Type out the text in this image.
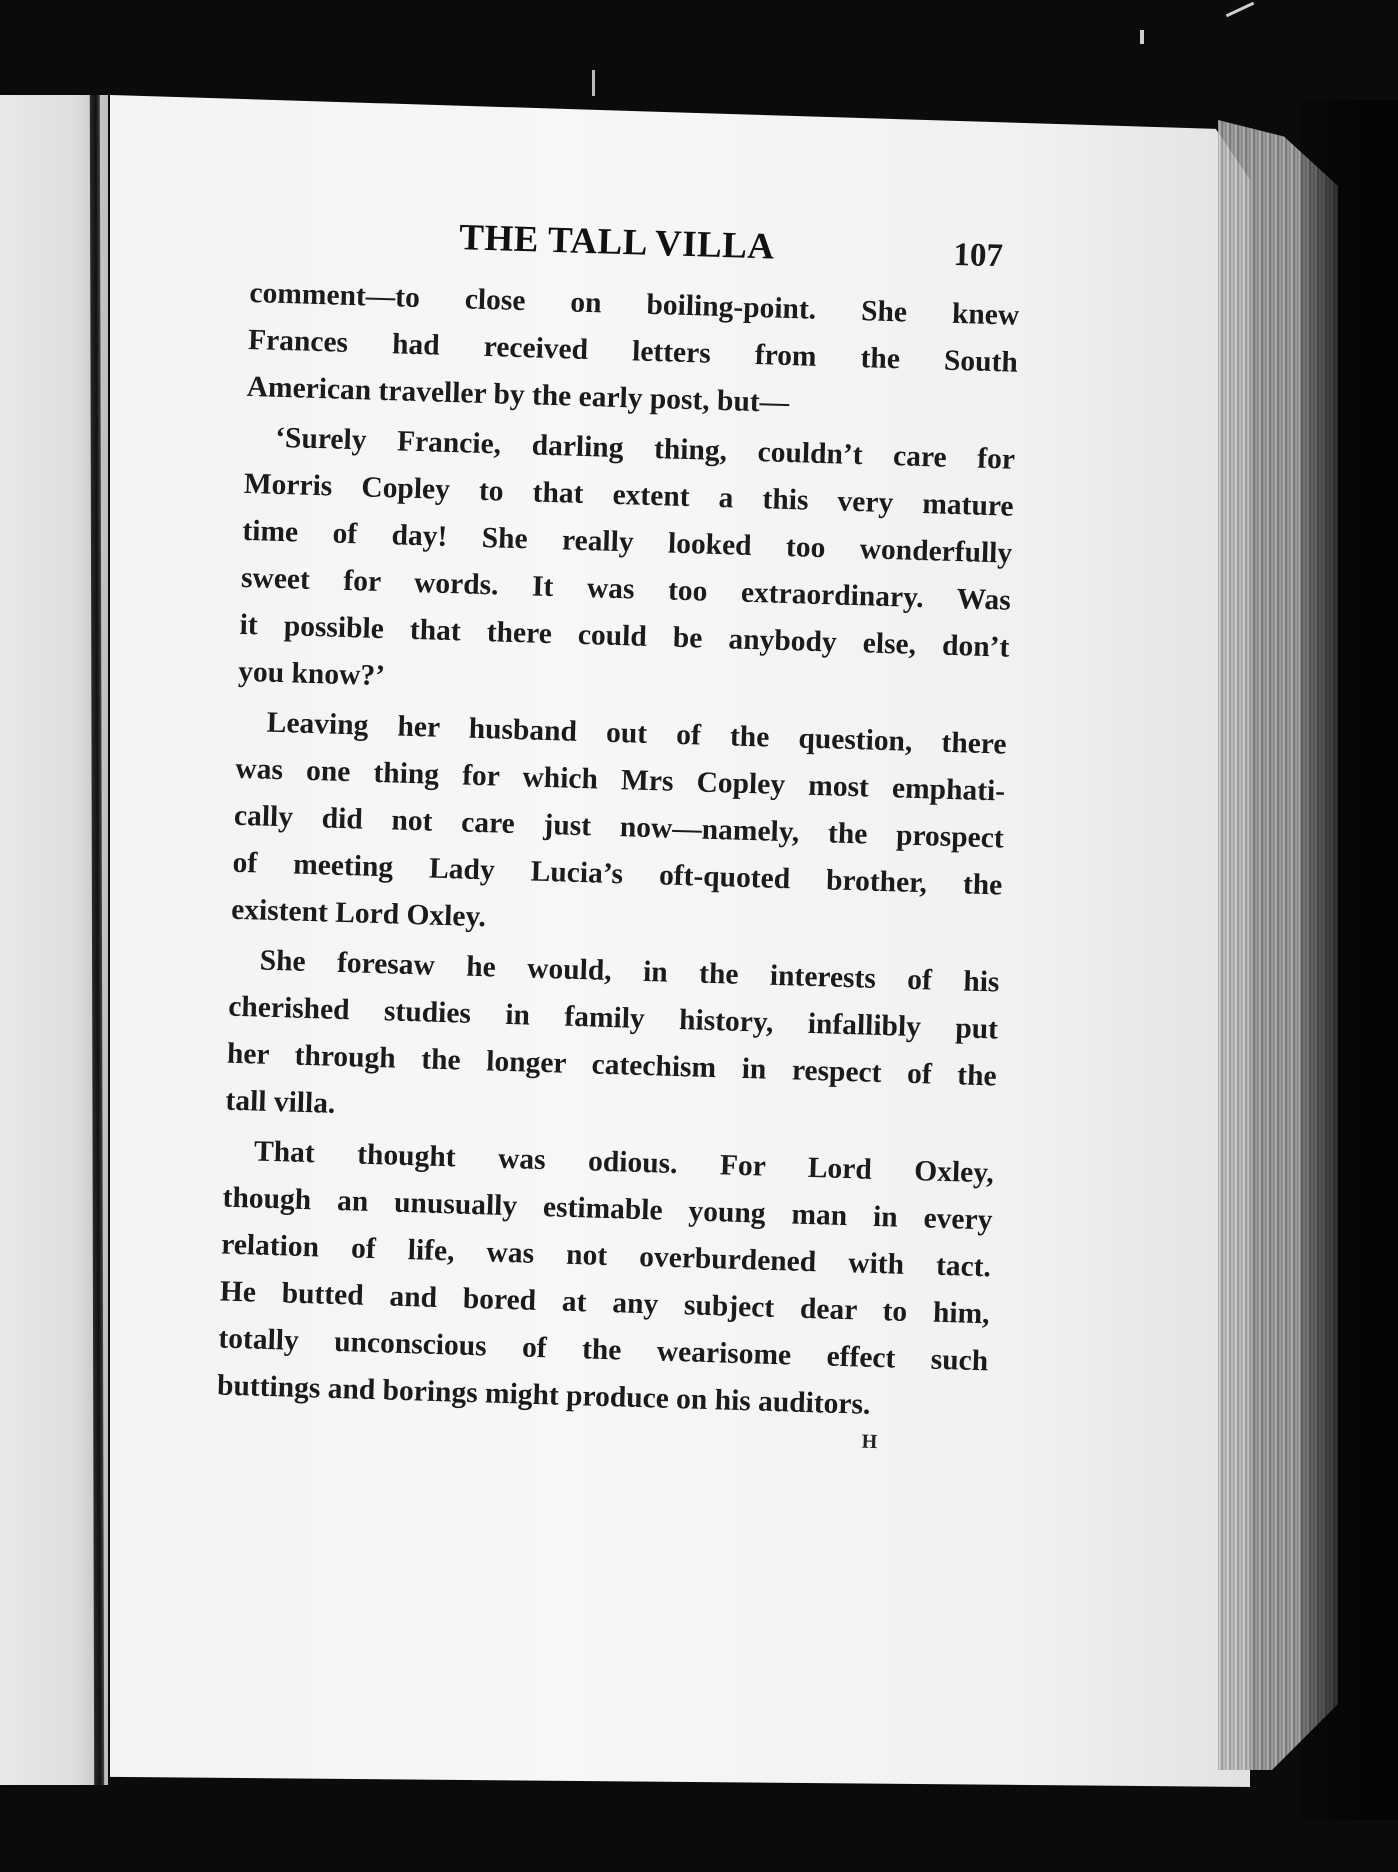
THE TALL VILLA	107
comment—to close on boiling-point. She knew
Frances had received letters from the South
American traveller by the early post, but—
‘Surely Francie, darling thing, couldn’t care for
Morris Copley to that extent a this very mature
time of day! She really looked too wonderfully
sweet for words. It was too extraordinary. Was
it possible that there could be anybody else, don’t
you know?’
Leaving her husband out of the question, there
was one thing for which Mrs Copley most emphati-
cally did not care just now—namely, the prospect
of meeting Lady Lucia’s oft-quoted brother, the
existent Lord Oxley.
She foresaw he would, in the interests of his
cherished studies in family history, infallibly put
her through the longer catechism in respect of the
tall villa.
That thought was odious. For Lord Oxley,
though an unusually estimable young man in every
relation of life, was not overburdened with tact.
He butted and bored at any subject dear to him,
totally unconscious of the wearisome effect such
buttings and borings might produce on his auditors.
H
